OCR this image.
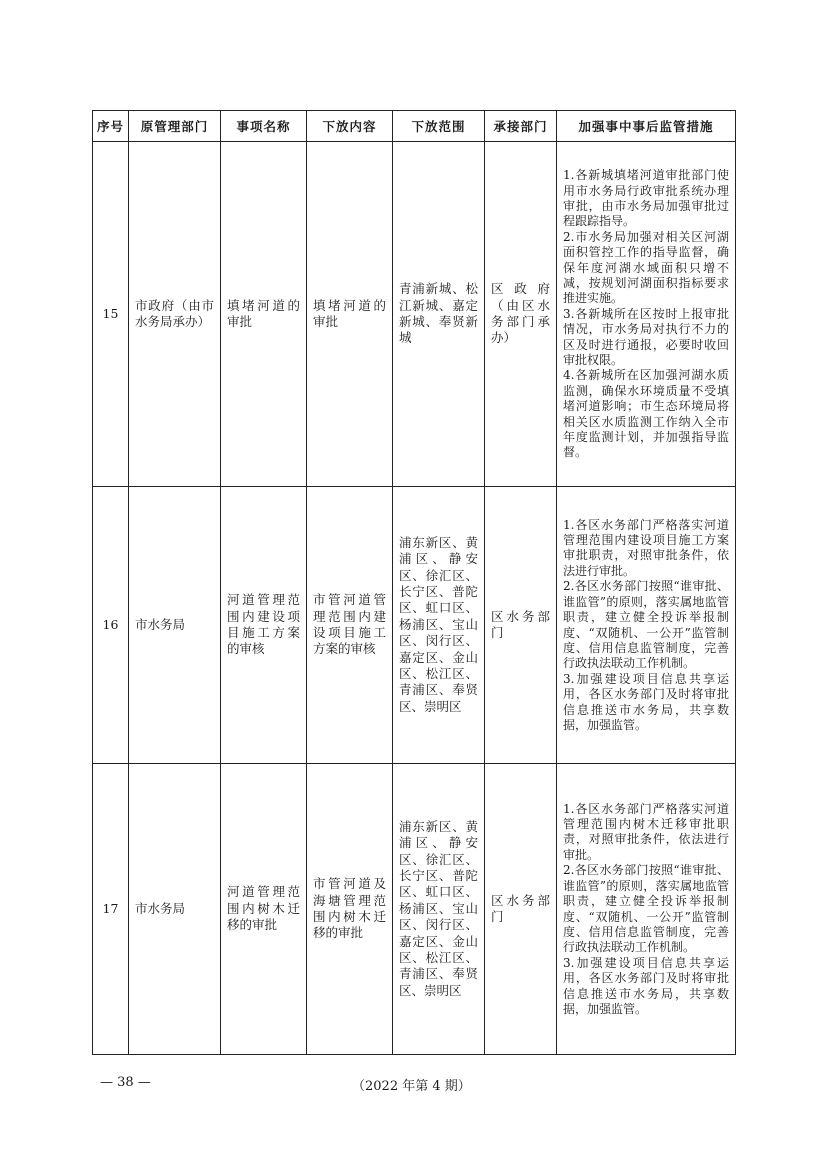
序号	原管理部门	事项名称	下放内容	下放范围	承接部门	加强事中事后监管措施

15	市政府（由市水务局承办）	填堵河道的审批	填堵河道的审批	青浦新城、松江新城、嘉定新城、奉贤新城	区政府（由区水务部门承办）	1.各新城填堵河道审批部门使用市水务局行政审批系统办理审批，由市水务局加强审批过程跟踪指导。
2.市水务局加强对相关区河湖面积管控工作的指导监督，确保年度河湖水域面积只增不减，按规划河湖面积指标要求推进实施。
3.各新城所在区按时上报审批情况，市水务局对执行不力的区及时进行通报，必要时收回审批权限。
4.各新城所在区加强河湖水质监测，确保水环境质量不受填堵河道影响；市生态环境局将相关区水质监测工作纳入全市年度监测计划，并加强指导监督。

16	市水务局	河道管理范围内建设项目施工方案的审核	市管河道管理范围内建设项目施工方案的审核	浦东新区、黄浦区、静安区、徐汇区、长宁区、普陀区、虹口区、杨浦区、宝山区、闵行区、嘉定区、金山区、松江区、青浦区、奉贤区、崇明区	区水务部门	1.各区水务部门严格落实河道管理范围内建设项目施工方案审批职责，对照审批条件，依法进行审批。
2.各区水务部门按照“谁审批、谁监管”的原则，落实属地监管职责，建立健全投诉举报制度、“双随机、一公开”监管制度、信用信息监管制度，完善行政执法联动工作机制。
3.加强建设项目信息共享运用，各区水务部门及时将审批信息推送市水务局，共享数据，加强监管。

17	市水务局	河道管理范围内树木迁移的审批	市管河道及海塘管理范围内树木迁移的审批	浦东新区、黄浦区、静安区、徐汇区、长宁区、普陀区、虹口区、杨浦区、宝山区、闵行区、嘉定区、金山区、松江区、青浦区、奉贤区、崇明区	区水务部门	1.各区水务部门严格落实河道管理范围内树木迁移审批职责，对照审批条件，依法进行审批。
2.各区水务部门按照“谁审批、谁监管”的原则，落实属地监管职责，建立健全投诉举报制度、“双随机、一公开”监管制度、信用信息监管制度，完善行政执法联动工作机制。
3.加强建设项目信息共享运用，各区水务部门及时将审批信息推送市水务局，共享数据，加强监管。
— 38 —	（2022 年第 4 期）
